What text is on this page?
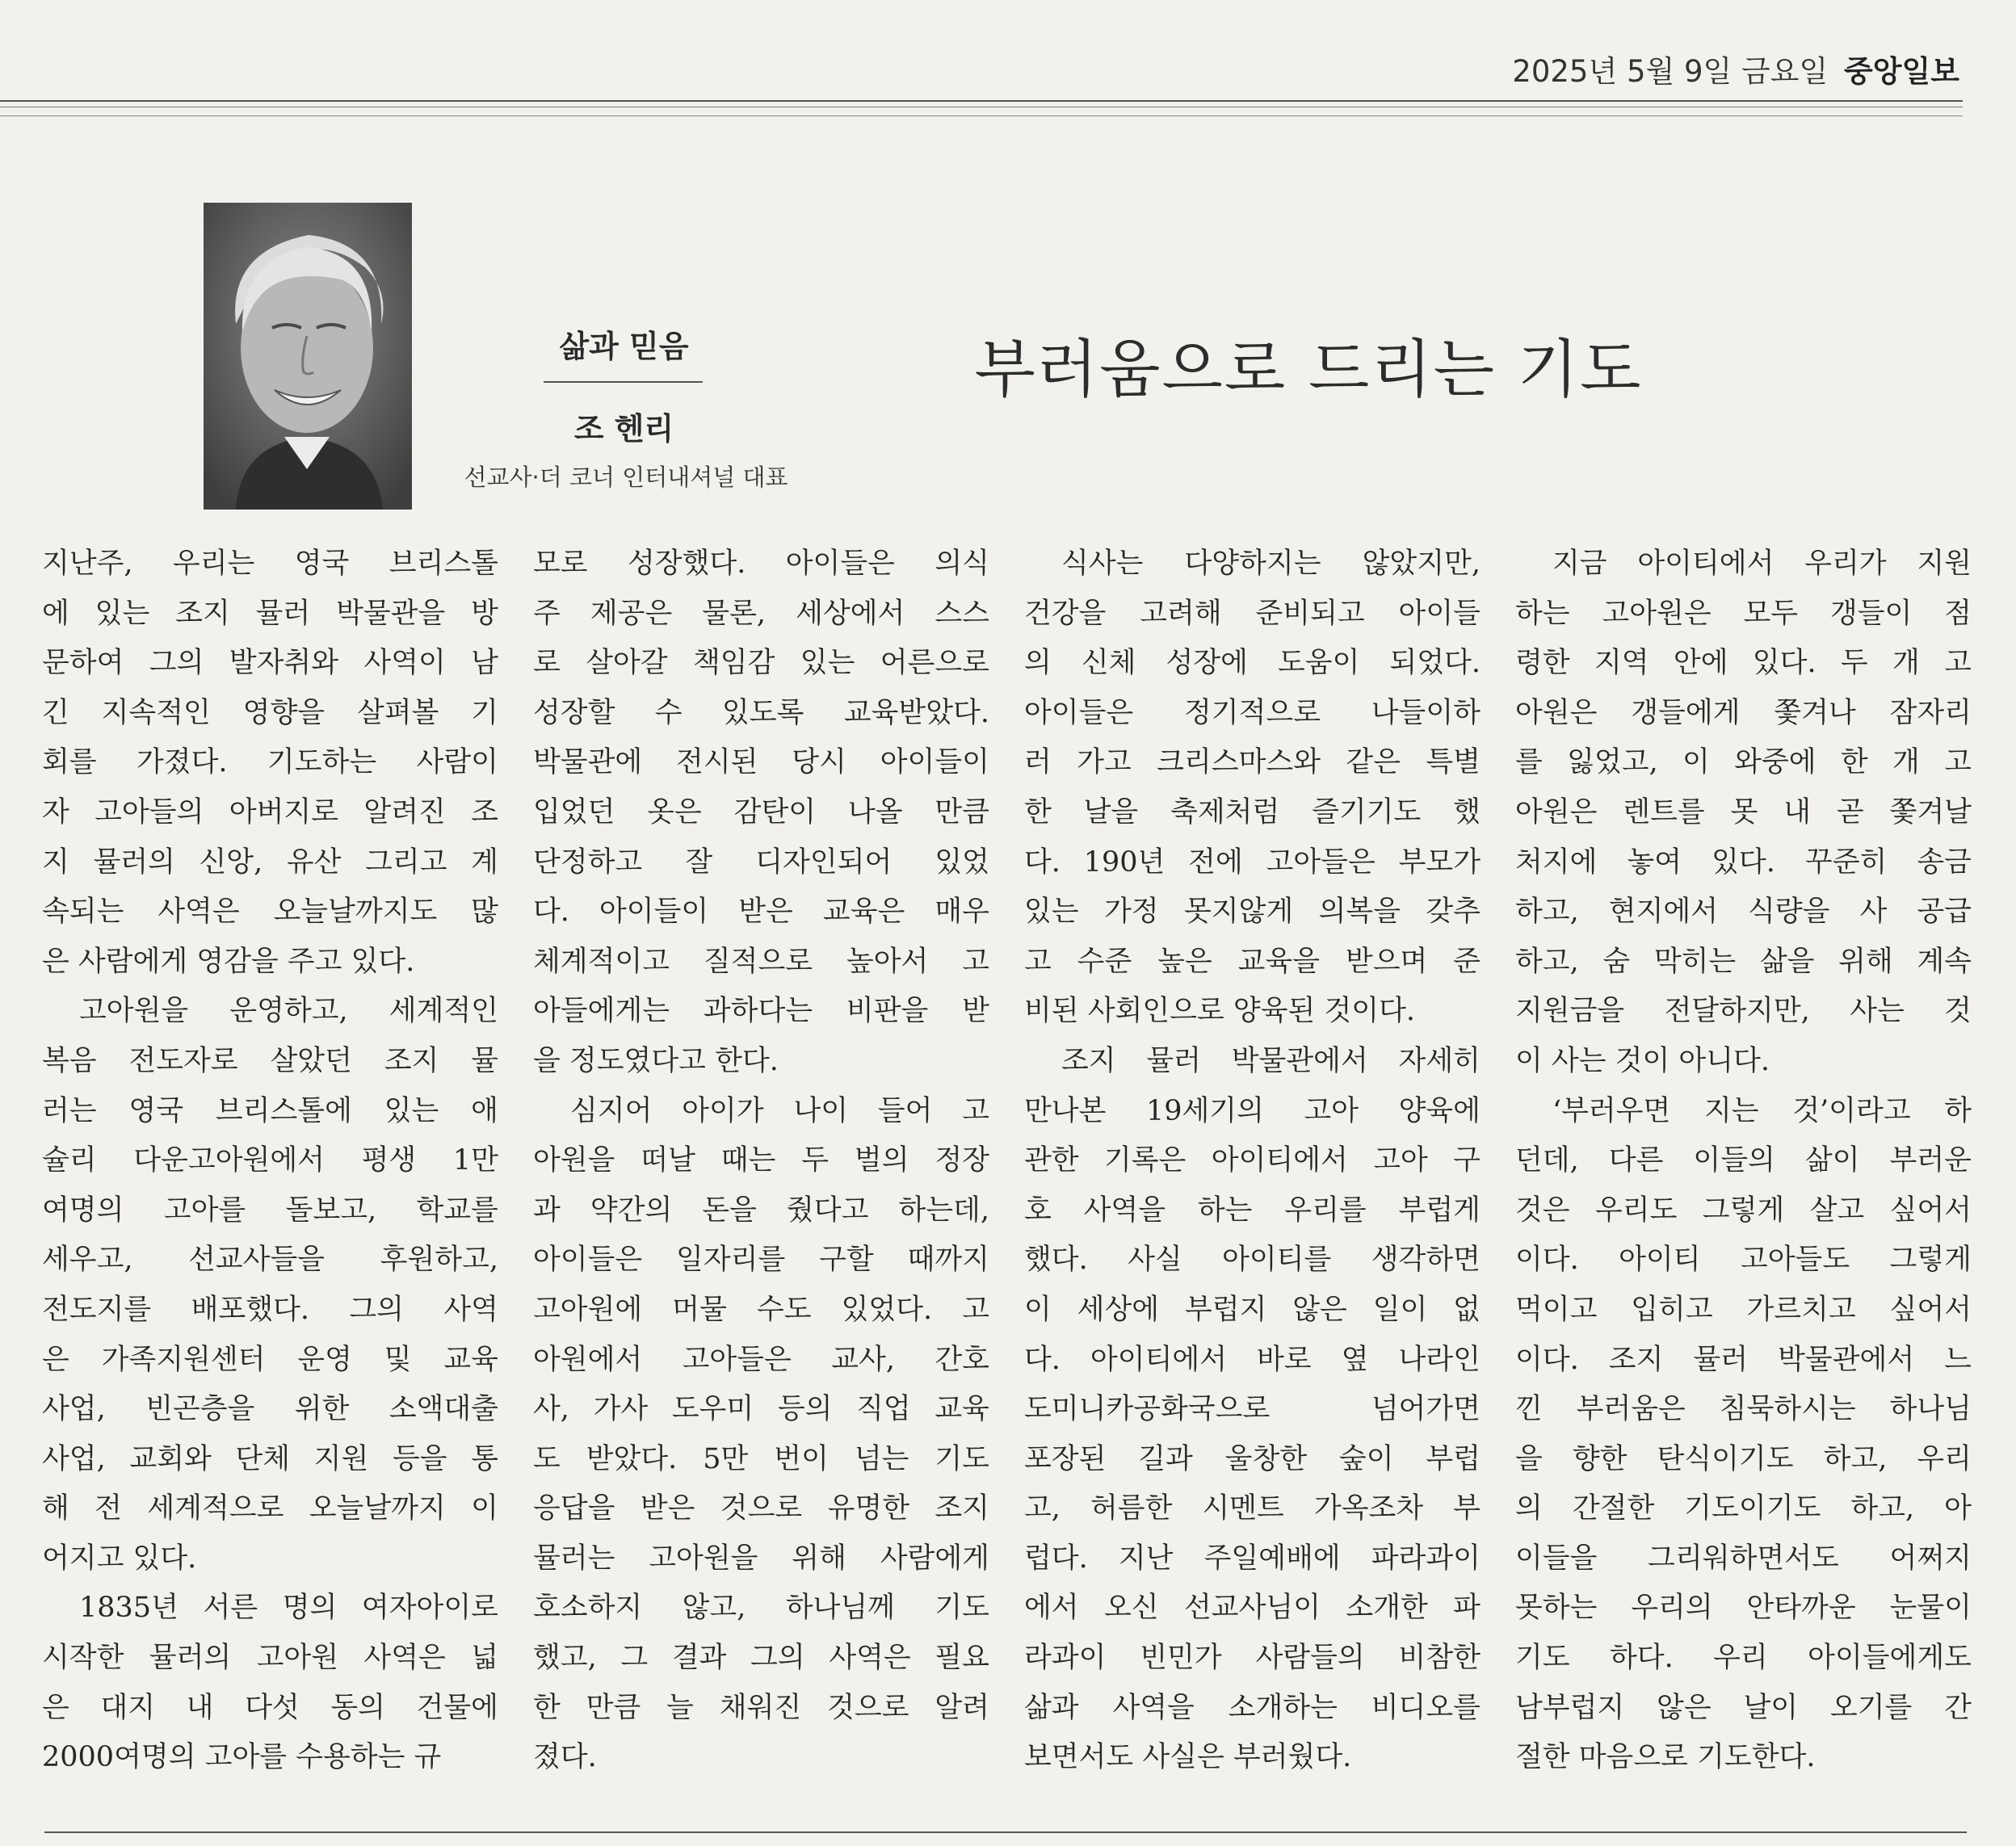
2025년 5월 9일 금요일 중앙일보
삶과 믿음
조 헨리
선교사·더 코너 인터내셔널 대표
부러움으로 드리는 기도
지난주, 우리는 영국 브리스톨
에 있는 조지 뮬러 박물관을 방
문하여 그의 발자취와 사역이 남
긴 지속적인 영향을 살펴볼 기
회를 가졌다. 기도하는 사람이
자 고아들의 아버지로 알려진 조
지 뮬러의 신앙, 유산 그리고 계
속되는 사역은 오늘날까지도 많
은 사람에게 영감을 주고 있다.
고아원을 운영하고, 세계적인
복음 전도자로 살았던 조지 뮬
러는 영국 브리스톨에 있는 애
슐리 다운고아원에서 평생 1만
여명의 고아를 돌보고, 학교를
세우고, 선교사들을 후원하고,
전도지를 배포했다. 그의 사역
은 가족지원센터 운영 및 교육
사업, 빈곤층을 위한 소액대출
사업, 교회와 단체 지원 등을 통
해 전 세계적으로 오늘날까지 이
어지고 있다.
1835년 서른 명의 여자아이로
시작한 뮬러의 고아원 사역은 넓
은 대지 내 다섯 동의 건물에
2000여명의 고아를 수용하는 규
모로 성장했다. 아이들은 의식
주 제공은 물론, 세상에서 스스
로 살아갈 책임감 있는 어른으로
성장할 수 있도록 교육받았다.
박물관에 전시된 당시 아이들이
입었던 옷은 감탄이 나올 만큼
단정하고 잘 디자인되어 있었
다. 아이들이 받은 교육은 매우
체계적이고 질적으로 높아서 고
아들에게는 과하다는 비판을 받
을 정도였다고 한다.
심지어 아이가 나이 들어 고
아원을 떠날 때는 두 벌의 정장
과 약간의 돈을 줬다고 하는데,
아이들은 일자리를 구할 때까지
고아원에 머물 수도 있었다. 고
아원에서 고아들은 교사, 간호
사, 가사 도우미 등의 직업 교육
도 받았다. 5만 번이 넘는 기도
응답을 받은 것으로 유명한 조지
뮬러는 고아원을 위해 사람에게
호소하지 않고, 하나님께 기도
했고, 그 결과 그의 사역은 필요
한 만큼 늘 채워진 것으로 알려
졌다.
식사는 다양하지는 않았지만,
건강을 고려해 준비되고 아이들
의 신체 성장에 도움이 되었다.
아이들은 정기적으로 나들이하
러 가고 크리스마스와 같은 특별
한 날을 축제처럼 즐기기도 했
다. 190년 전에 고아들은 부모가
있는 가정 못지않게 의복을 갖추
고 수준 높은 교육을 받으며 준
비된 사회인으로 양육된 것이다.
조지 뮬러 박물관에서 자세히
만나본 19세기의 고아 양육에
관한 기록은 아이티에서 고아 구
호 사역을 하는 우리를 부럽게
했다. 사실 아이티를 생각하면
이 세상에 부럽지 않은 일이 없
다. 아이티에서 바로 옆 나라인
도미니카공화국으로 넘어가면
포장된 길과 울창한 숲이 부럽
고, 허름한 시멘트 가옥조차 부
럽다. 지난 주일예배에 파라과이
에서 오신 선교사님이 소개한 파
라과이 빈민가 사람들의 비참한
삶과 사역을 소개하는 비디오를
보면서도 사실은 부러웠다.
지금 아이티에서 우리가 지원
하는 고아원은 모두 갱들이 점
령한 지역 안에 있다. 두 개 고
아원은 갱들에게 쫓겨나 잠자리
를 잃었고, 이 와중에 한 개 고
아원은 렌트를 못 내 곧 쫓겨날
처지에 놓여 있다. 꾸준히 송금
하고, 현지에서 식량을 사 공급
하고, 숨 막히는 삶을 위해 계속
지원금을 전달하지만, 사는 것
이 사는 것이 아니다.
‘부러우면 지는 것’이라고 하
던데, 다른 이들의 삶이 부러운
것은 우리도 그렇게 살고 싶어서
이다. 아이티 고아들도 그렇게
먹이고 입히고 가르치고 싶어서
이다. 조지 뮬러 박물관에서 느
낀 부러움은 침묵하시는 하나님
을 향한 탄식이기도 하고, 우리
의 간절한 기도이기도 하고, 아
이들을 그리워하면서도 어쩌지
못하는 우리의 안타까운 눈물이
기도 하다. 우리 아이들에게도
남부럽지 않은 날이 오기를 간
절한 마음으로 기도한다.
